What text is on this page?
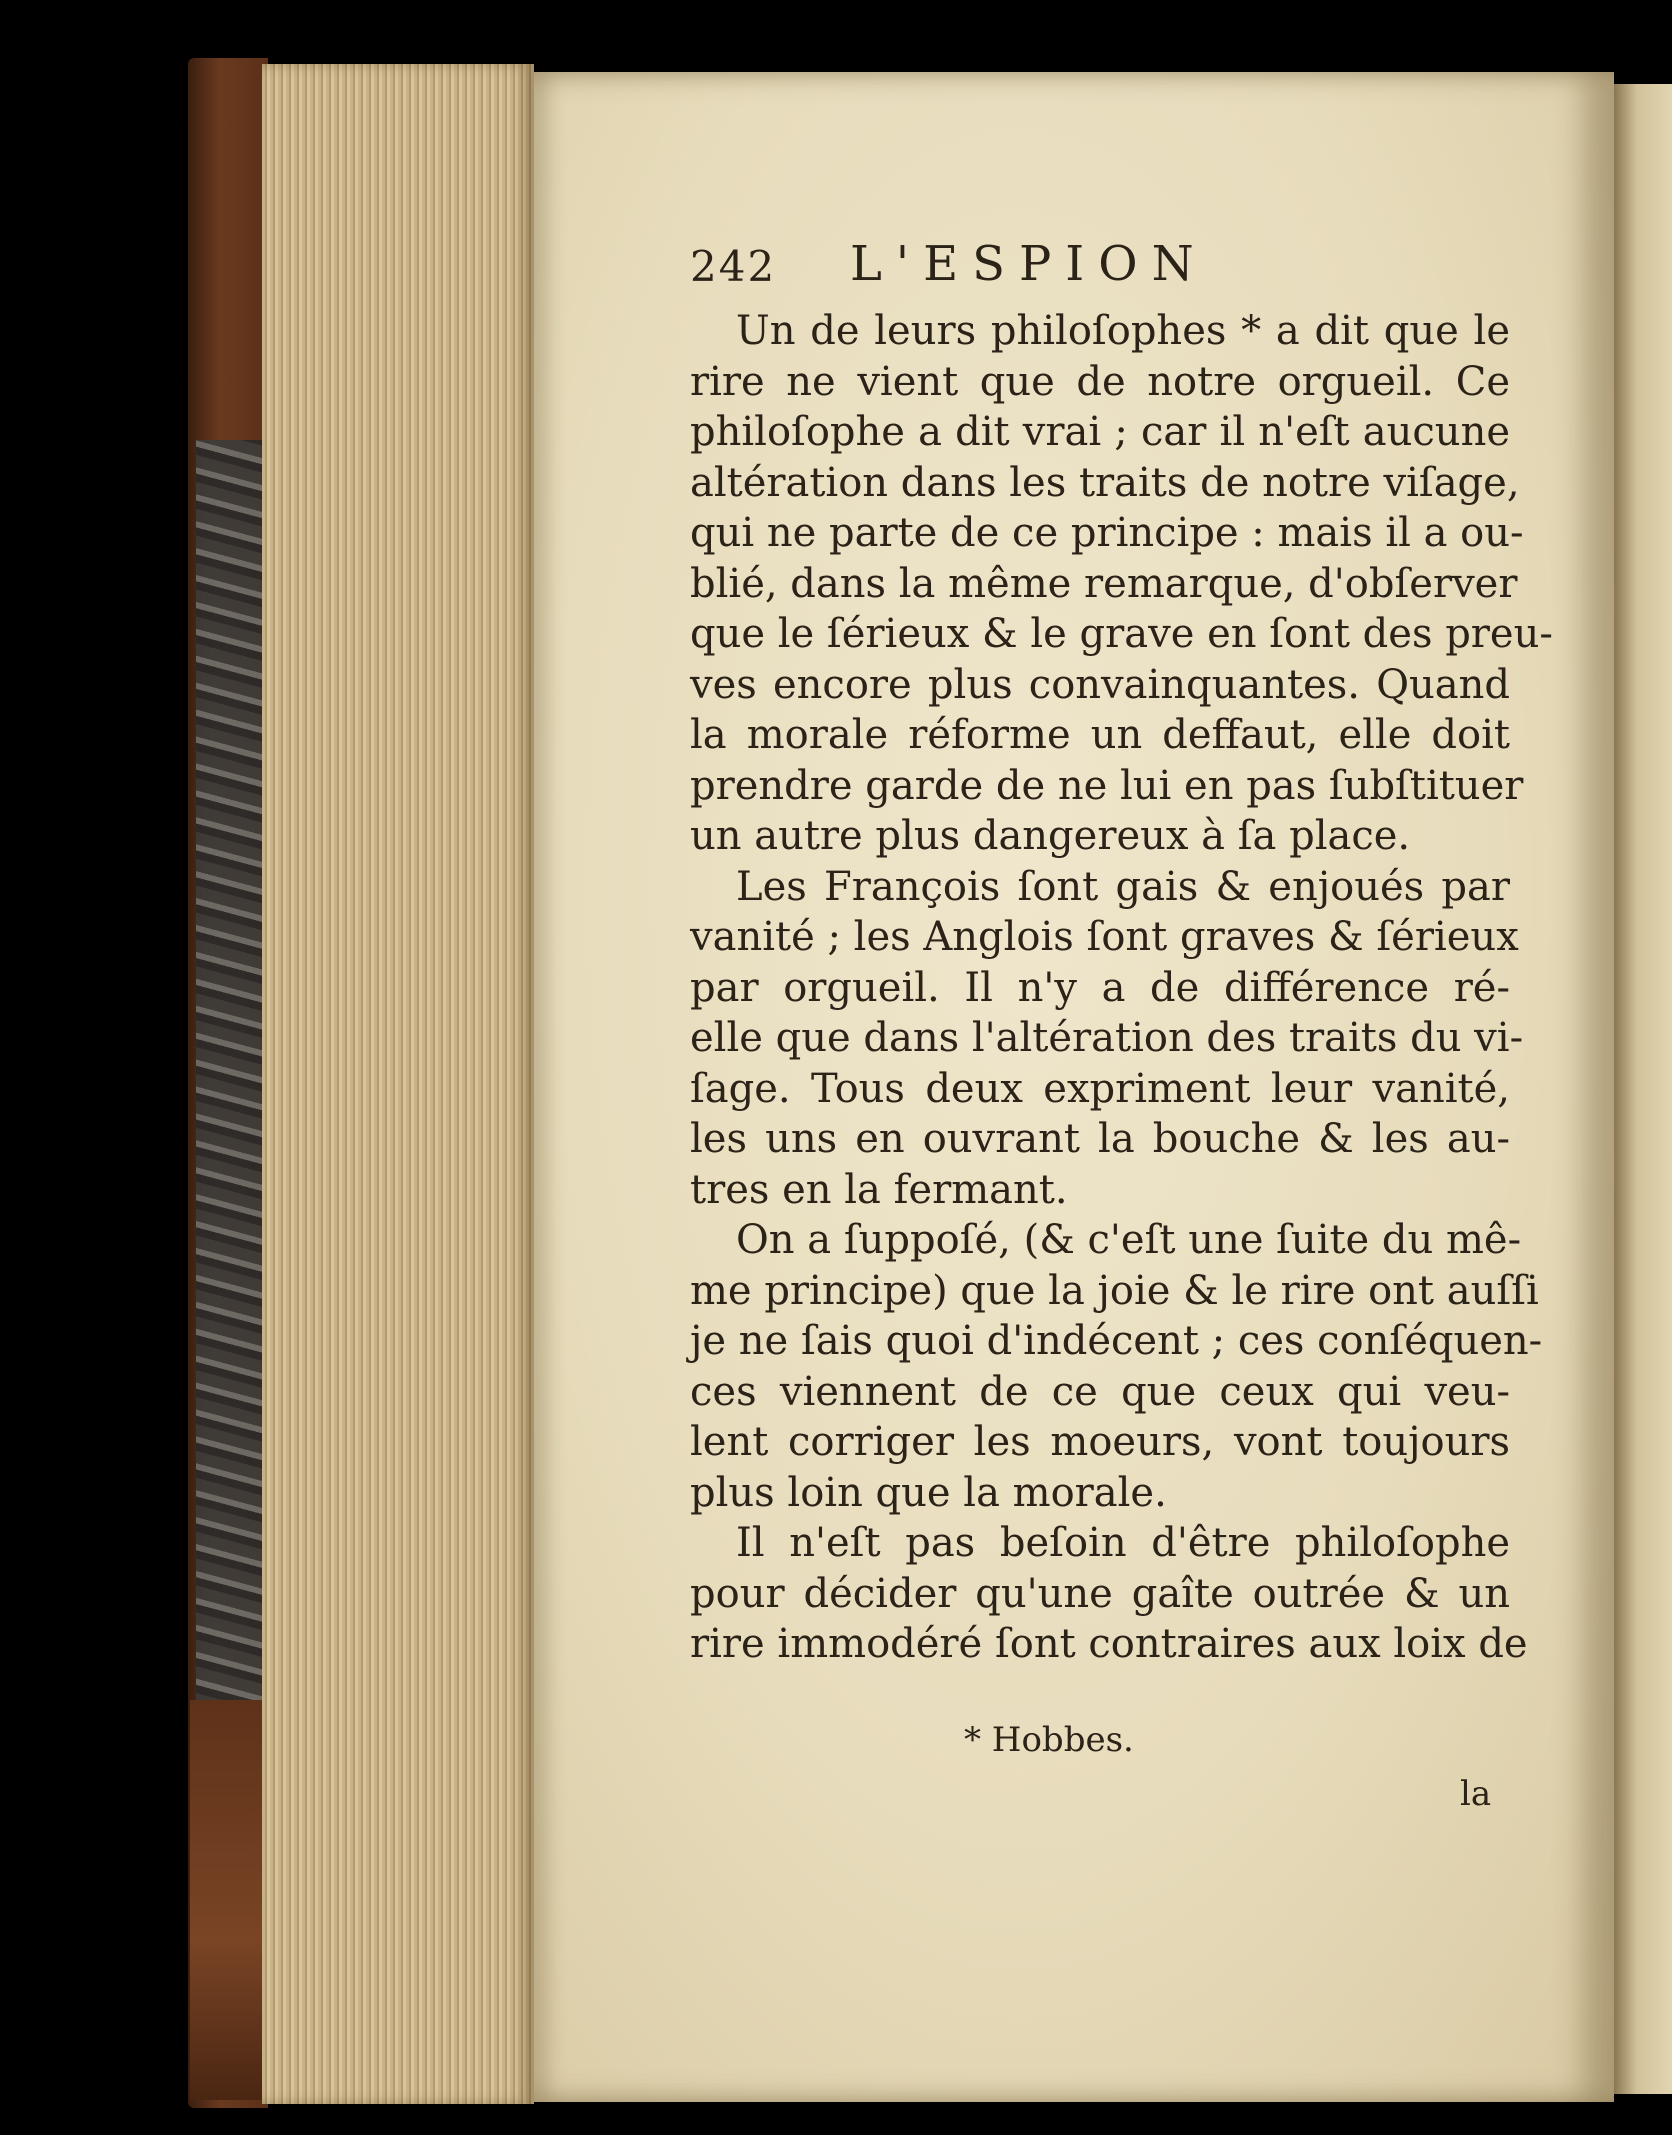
242 L'ESPION
Un de leurs philoſophes * a dit que le
rire ne vient que de notre orgueil. Ce
philoſophe a dit vrai ; car il n'eſt aucune
altération dans les traits de notre viſage,
qui ne parte de ce principe : mais il a ou-
blié, dans la même remarque, d'obſerver
que le ſérieux & le grave en ſont des preu-
ves encore plus convainquantes. Quand
la morale réforme un deffaut, elle doit
prendre garde de ne lui en pas ſubſtituer
un autre plus dangereux à ſa place.
Les François ſont gais & enjoués par
vanité ; les Anglois ſont graves & ſérieux
par orgueil. Il n'y a de différence ré-
elle que dans l'altération des traits du vi-
ſage. Tous deux expriment leur vanité,
les uns en ouvrant la bouche & les au-
tres en la fermant.
On a ſuppoſé, (& c'eſt une ſuite du mê-
me principe) que la joie & le rire ont auſſi
je ne ſais quoi d'indécent ; ces conſéquen-
ces viennent de ce que ceux qui veu-
lent corriger les moeurs, vont toujours
plus loin que la morale.
Il n'eſt pas beſoin d'être philoſophe
pour décider qu'une gaîte outrée & un
rire immodéré ſont contraires aux loix de
* Hobbes.
la
